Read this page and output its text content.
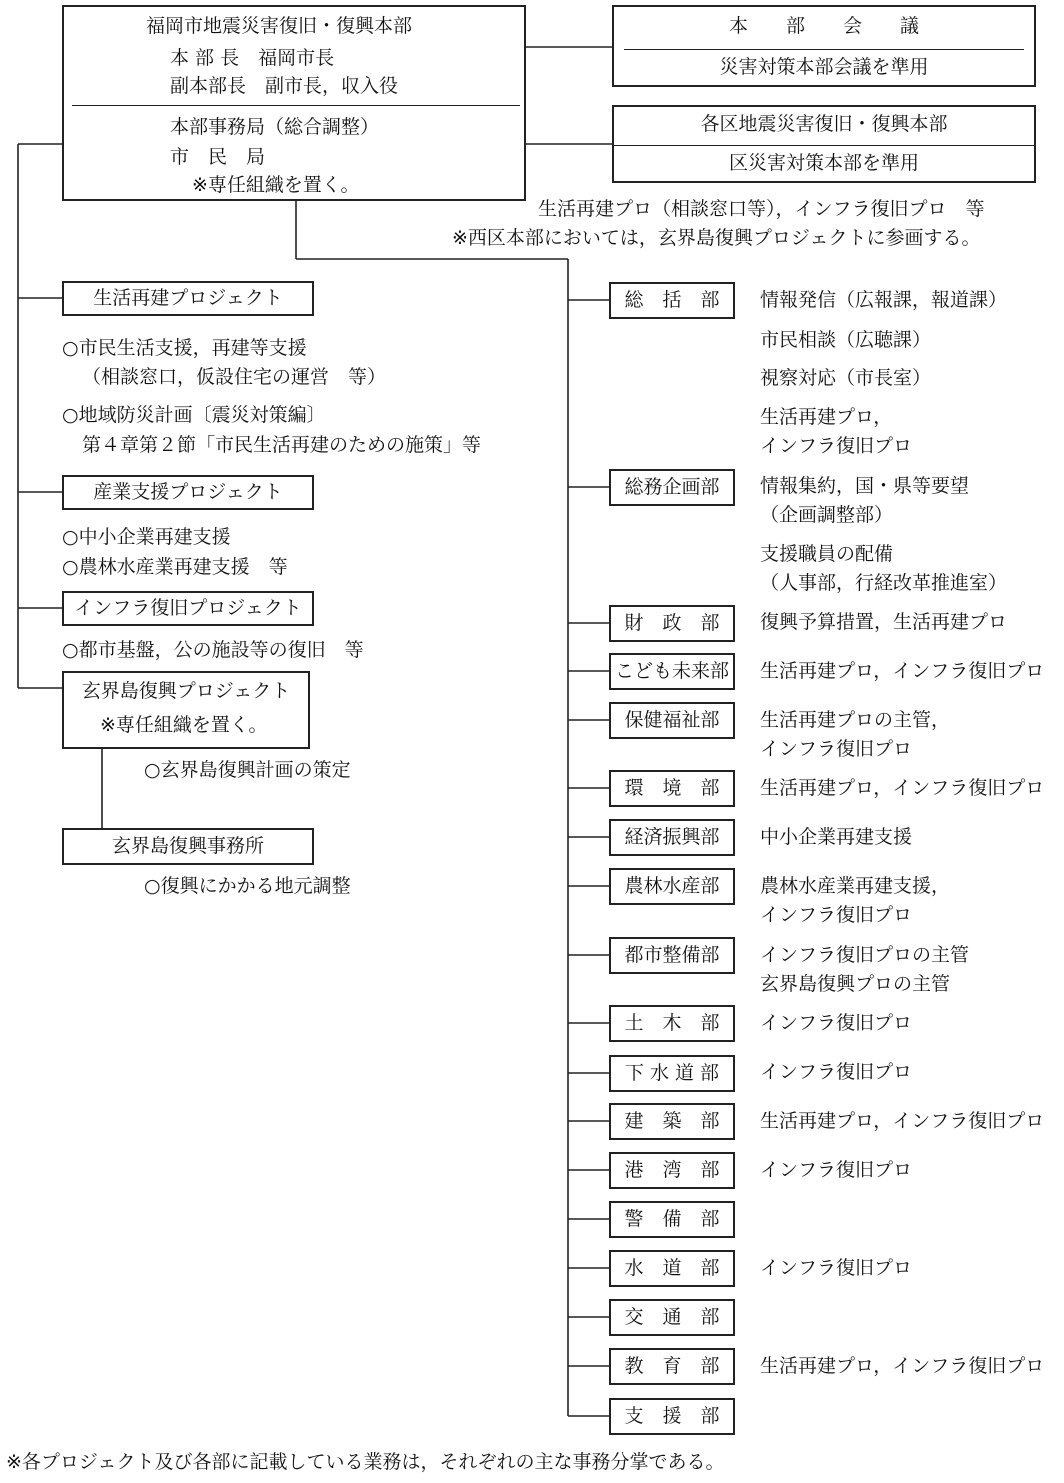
福岡市地震災害復旧・復興本部
本 部 長　福岡市長
副本部長　副市長，収入役
本部事務局（総合調整）
市　民　局
※専任組織を置く。
本　　部　　会　　議
災害対策本部会議を準用
各区地震災害復旧・復興本部
区災害対策本部を準用
生活再建プロ（相談窓口等），インフラ復旧プロ　等
※西区本部においては，玄界島復興プロジェクトに参画する。
生活再建プロジェクト
○市民生活支援，再建等支援
（相談窓口，仮設住宅の運営　等）
○地域防災計画〔震災対策編〕
第４章第２節「市民生活再建のための施策」等
産業支援プロジェクト
○中小企業再建支援
○農林水産業再建支援　等
インフラ復旧プロジェクト
○都市基盤，公の施設等の復旧　等
玄界島復興プロジェクト
※専任組織を置く。
○玄界島復興計画の策定
玄界島復興事務所
○復興にかかる地元調整
総　括　部	情報発信（広報課，報道課）
市民相談（広聴課）
視察対応（市長室）
生活再建プロ，
インフラ復旧プロ
総務企画部	情報集約，国・県等要望
（企画調整部）
支援職員の配備
（人事部，行経改革推進室）
財　政　部	復興予算措置，生活再建プロ
こども未来部	生活再建プロ，インフラ復旧プロ
保健福祉部	生活再建プロの主管，
インフラ復旧プロ
環　境　部	生活再建プロ，インフラ復旧プロ
経済振興部	中小企業再建支援
農林水産部	農林水産業再建支援，
インフラ復旧プロ
都市整備部	インフラ復旧プロの主管
玄界島復興プロの主管
土　木　部	インフラ復旧プロ
下 水 道 部	インフラ復旧プロ
建　築　部	生活再建プロ，インフラ復旧プロ
港　湾　部	インフラ復旧プロ
警　備　部
水　道　部	インフラ復旧プロ
交　通　部
教　育　部	生活再建プロ，インフラ復旧プロ
支　援　部
※各プロジェクト及び各部に記載している業務は，それぞれの主な事務分掌である。
